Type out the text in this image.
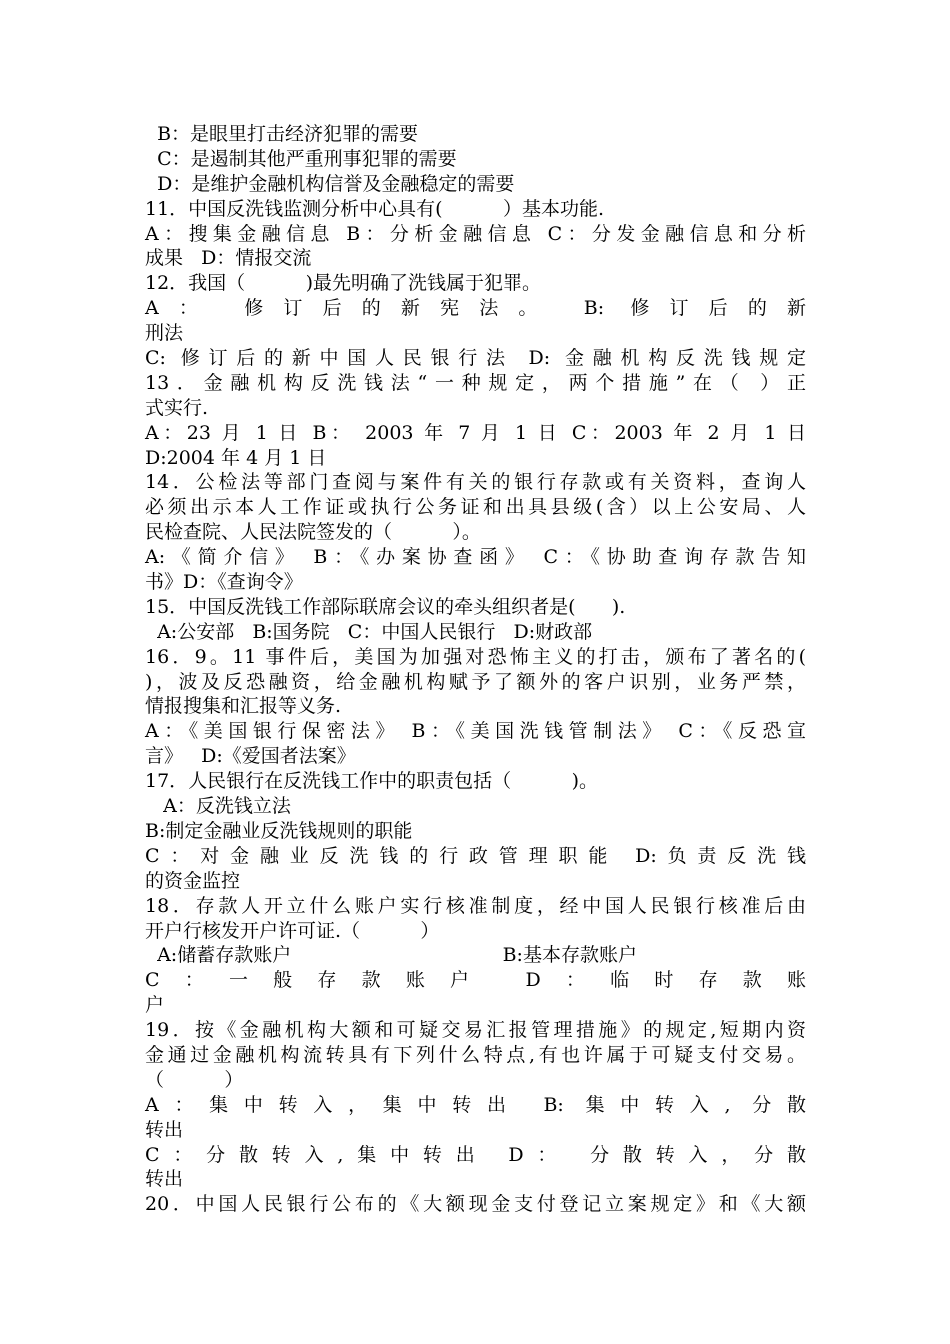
B：是眼里打击经济犯罪的需要
C：是遏制其他严重刑事犯罪的需要
D：是维护金融机构信誉及金融稳定的需要
11．中国反洗钱监测分析中心具有(          ）基本功能.
A：搜集金融信息 B：分析金融信息 C：分发金融信息和分析
成果   D：情报交流
12．我国（          )最先明确了洗钱属于犯罪。
A： 修订后的新宪法。 B: 修订后的新
刑法
C: 修订后的新中国人民银行法 D: 金融机构反洗钱规定
13．金融机构反洗钱法“一种规定，两个措施”在（ ）正
式实行.
A：23 月 1 日 B： 2003 年 7 月 1 日 C：2003 年 2 月 1 日
D:2004 年 4 月 1 日
14．公检法等部门查阅与案件有关的银行存款或有关资料，查询人
必须出示本人工作证或执行公务证和出具县级(含）以上公安局、人
民检查院、人民法院签发的（          ）。
A:《简介信》 B：《办案协查函》 C：《协助查询存款告知
书》D：《查询令》
15．中国反洗钱工作部际联席会议的牵头组织者是(      ).
A:公安部   B:国务院   C：中国人民银行   D:财政部
16．9。11 事件后，美国为加强对恐怖主义的打击，颁布了著名的(
)，波及反恐融资，给金融机构赋予了额外的客户识别，业务严禁，
情报搜集和汇报等义务.
A：《美国银行保密法》 B：《美国洗钱管制法》 C：《反恐宣
言》   D:《爱国者法案》
17．人民银行在反洗钱工作中的职责包括（          )。
A：反洗钱立法
B:制定金融业反洗钱规则的职能
C：对金融业反洗钱的行政管理职能 D:负责反洗钱
的资金监控
18．存款人开立什么账户实行核准制度，经中国人民银行核准后由
开户行核发开户许可证.（          ）
A:储蓄存款账户                                   B:基本存款账户
C：一般存款账户 D：临时存款账
户
19．按《金融机构大额和可疑交易汇报管理措施》的规定,短期内资
金通过金融机构流转具有下列什么特点,有也许属于可疑支付交易。
（          ）
A：集中转入，集中转出 B: 集中转入, 分散
转出
C：分散转入,集中转出 D： 分散转入，分散
转出
20．中国人民银行公布的《大额现金支付登记立案规定》和《大额
